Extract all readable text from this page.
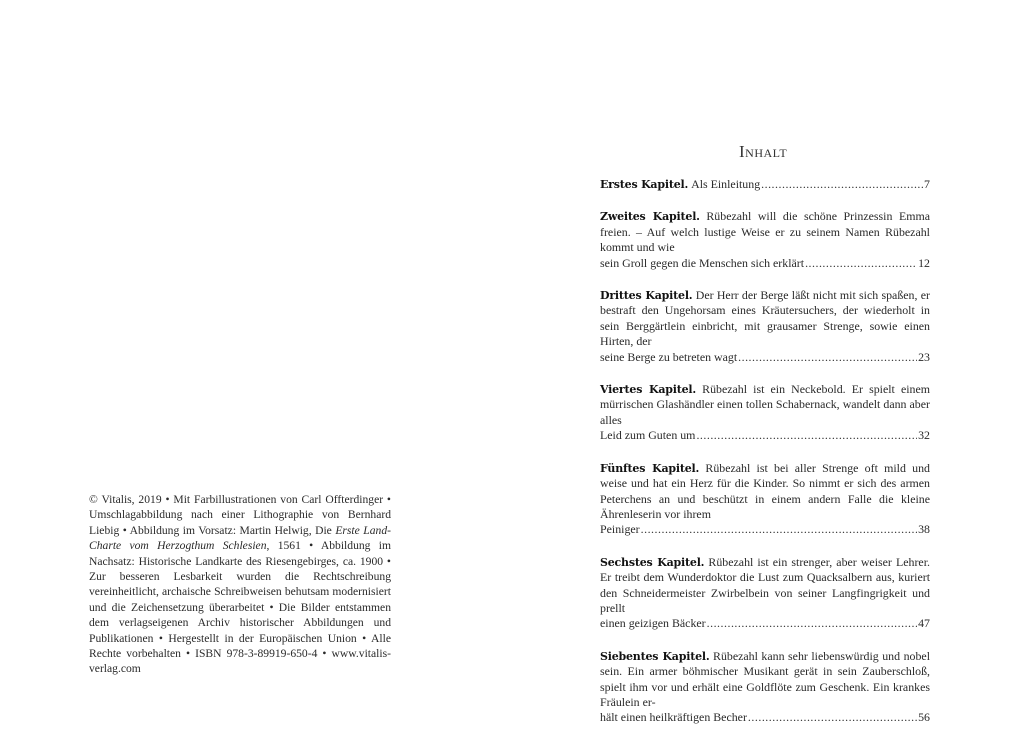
© Vitalis, 2019 • Mit Farbillustrationen von Carl Offterdinger • Umschlagabbildung nach einer Lithographie von Bernhard Liebig • Abbildung im Vorsatz: Martin Helwig, Die Erste Land-Charte vom Herzogthum Schlesien, 1561 • Abbildung im Nachsatz: Historische Landkarte des Riesengebirges, ca. 1900 • Zur besseren Lesbarkeit wurden die Rechtschreibung vereinheitlicht, archaische Schreibweisen behutsam modernisiert und die Zeichensetzung überarbeitet • Die Bilder entstammen dem verlagseigenen Archiv historischer Abbildungen und Publikationen • Hergestellt in der Europäischen Union • Alle Rechte vorbehalten • ISBN 978-3-89919-650-4 • www.vitalis-verlag.com
Inhalt
Erstes Kapitel.
Als Einleitung .....	7
Zweites Kapitel. Rübezahl will die schöne Prinzessin Emma freien. – Auf welch lustige Weise er zu seinem Namen Rübezahl kommt und wie
sein Groll gegen die Menschen sich erklärt .....	12
Drittes Kapitel. Der Herr der Berge läßt nicht mit sich spaßen, er bestraft den Ungehorsam eines Kräutersuchers, der wiederholt in sein Berggärtlein einbricht, mit grausamer Strenge, sowie einen Hirten, der
seine Berge zu betreten wagt .....	23
Viertes Kapitel. Rübezahl ist ein Neckebold. Er spielt einem mürrischen Glashändler einen tollen Schabernack, wandelt dann aber alles
Leid zum Guten um .....	32
Fünftes Kapitel. Rübezahl ist bei aller Strenge oft mild und weise und hat ein Herz für die Kinder. So nimmt er sich des armen Peterchens an und beschützt in einem andern Falle die kleine Ährenleserin vor ihrem
Peiniger .....	38
Sechstes Kapitel. Rübezahl ist ein strenger, aber weiser Lehrer. Er treibt dem Wunderdoktor die Lust zum Quacksalbern aus, kuriert den Schneidermeister Zwirbelbein von seiner Langfingrigkeit und prellt
einen geizigen Bäcker .....	47
Siebentes Kapitel. Rübezahl kann sehr liebenswürdig und nobel sein. Ein armer böhmischer Musikant gerät in sein Zauberschloß, spielt ihm vor und erhält eine Goldflöte zum Geschenk. Ein krankes Fräulein er-
hält einen heilkräftigen Becher .....	56
